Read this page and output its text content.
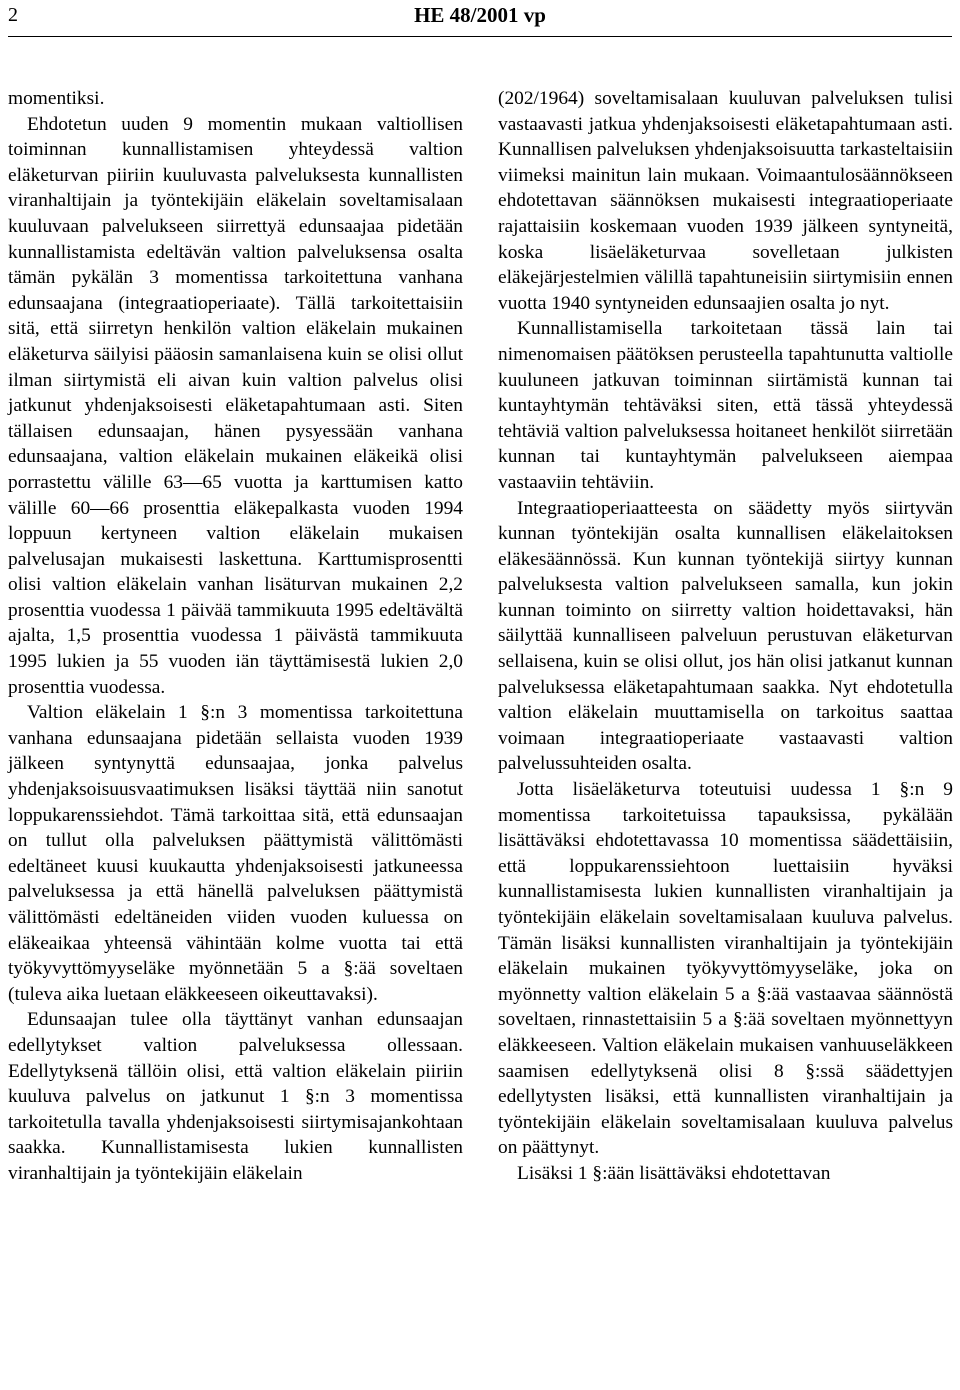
2	HE 48/2001 vp

momentiksi.

Ehdotetun uuden 9 momentin mukaan valtiollisen toiminnan kunnallistamisen yhteydessä valtion eläketurvan piiriin kuuluvasta palveluksesta kunnallisten viranhaltijain ja työntekijäin eläkelain soveltamisalaan kuuluvaan palvelukseen siirrettyä edunsaajaa pidetään kunnallistamista edeltävän valtion palveluksensa osalta tämän pykälän 3 momentissa tarkoitettuna vanhana edunsaajana (integraatioperiaate). Tällä tarkoitettaisiin sitä, että siirretyn henkilön valtion eläkelain mukainen eläketurva säilyisi pääosin samanlaisena kuin se olisi ollut ilman siirtymistä eli aivan kuin valtion palvelus olisi jatkunut yhdenjaksoisesti eläketapahtumaan asti. Siten tällaisen edunsaajan, hänen pysyessään vanhana edunsaajana, valtion eläkelain mukainen eläkeikä olisi porrastettu välille 63—65 vuotta ja karttumisen katto välille 60—66 prosenttia eläkepalkasta vuoden 1994 loppuun kertyneen valtion eläkelain mukaisen palvelusajan mukaisesti laskettuna. Karttumisprosentti olisi valtion eläkelain vanhan lisäturvan mukainen 2,2 prosenttia vuodessa 1 päivää tammikuuta 1995 edeltävältä ajalta, 1,5 prosenttia vuodessa 1 päivästä tammikuuta 1995 lukien ja 55 vuoden iän täyttämisestä lukien 2,0 prosenttia vuodessa.

Valtion eläkelain 1 §:n 3 momentissa tarkoitettuna vanhana edunsaajana pidetään sellaista vuoden 1939 jälkeen syntynyttä edunsaajaa, jonka palvelus yhdenjaksoisuusvaatimuksen lisäksi täyttää niin sanotut loppukarenssiehdot. Tämä tarkoittaa sitä, että edunsaajan on tullut olla palveluksen päättymistä välittömästi edeltäneet kuusi kuukautta yhdenjaksoisesti jatkuneessa palveluksessa ja että hänellä palveluksen päättymistä välittömästi edeltäneiden viiden vuoden kuluessa on eläkeaikaa yhteensä vähintään kolme vuotta tai että työkyvyttömyyseläke myönnetään 5 a §:ää soveltaen (tuleva aika luetaan eläkkeeseen oikeuttavaksi).

Edunsaajan tulee olla täyttänyt vanhan edunsaajan edellytykset valtion palveluksessa ollessaan. Edellytyksenä tällöin olisi, että valtion eläkelain piiriin kuuluva palvelus on jatkunut 1 §:n 3 momentissa tarkoitetulla tavalla yhdenjaksoisesti siirtymisajankohtaan saakka. Kunnallistamisesta lukien kunnallisten viranhaltijain ja työntekijäin eläkelain

(202/1964) soveltamisalaan kuuluvan palveluksen tulisi vastaavasti jatkua yhdenjaksoisesti eläketapahtumaan asti. Kunnallisen palveluksen yhdenjaksoisuutta tarkasteltaisiin viimeksi mainitun lain mukaan. Voimaantulosäännökseen ehdotettavan säännöksen mukaisesti integraatioperiaate rajattaisiin koskemaan vuoden 1939 jälkeen syntyneitä, koska lisäeläketurvaa sovelletaan julkisten eläkejärjestelmien välillä tapahtuneisiin siirtymisiin ennen vuotta 1940 syntyneiden edunsaajien osalta jo nyt.

Kunnallistamisella tarkoitetaan tässä lain tai nimenomaisen päätöksen perusteella tapahtunutta valtiolle kuuluneen jatkuvan toiminnan siirtämistä kunnan tai kuntayhtymän tehtäväksi siten, että tässä yhteydessä tehtäviä valtion palveluksessa hoitaneet henkilöt siirretään kunnan tai kuntayhtymän palvelukseen aiempaa vastaaviin tehtäviin.

Integraatioperiaatteesta on säädetty myös siirtyvän kunnan työntekijän osalta kunnallisen eläkelaitoksen eläkesäännössä. Kun kunnan työntekijä siirtyy kunnan palveluksesta valtion palvelukseen samalla, kun jokin kunnan toiminto on siirretty valtion hoidettavaksi, hän säilyttää kunnalliseen palveluun perustuvan eläketurvan sellaisena, kuin se olisi ollut, jos hän olisi jatkanut kunnan palveluksessa eläketapahtumaan saakka. Nyt ehdotetulla valtion eläkelain muuttamisella on tarkoitus saattaa voimaan integraatioperiaate vastaavasti valtion palvelussuhteiden osalta.

Jotta lisäeläketurva toteutuisi uudessa 1 §:n 9 momentissa tarkoitetuissa tapauksissa, pykälään lisättäväksi ehdotettavassa 10 momentissa säädettäisiin, että loppukarenssiehtoon luettaisiin hyväksi kunnallistamisesta lukien kunnallisten viranhaltijain ja työntekijäin eläkelain soveltamisalaan kuuluva palvelus. Tämän lisäksi kunnallisten viranhaltijain ja työntekijäin eläkelain mukainen työkyvyttömyyseläke, joka on myönnetty valtion eläkelain 5 a §:ää vastaavaa säännöstä soveltaen, rinnastettaisiin 5 a §:ää soveltaen myönnettyyn eläkkeeseen. Valtion eläkelain mukaisen vanhuuseläkkeen saamisen edellytyksenä olisi 8 §:ssä säädettyjen edellytysten lisäksi, että kunnallisten viranhaltijain ja työntekijäin eläkelain soveltamisalaan kuuluva palvelus on päättynyt.

Lisäksi 1 §:ään lisättäväksi ehdotettavan
